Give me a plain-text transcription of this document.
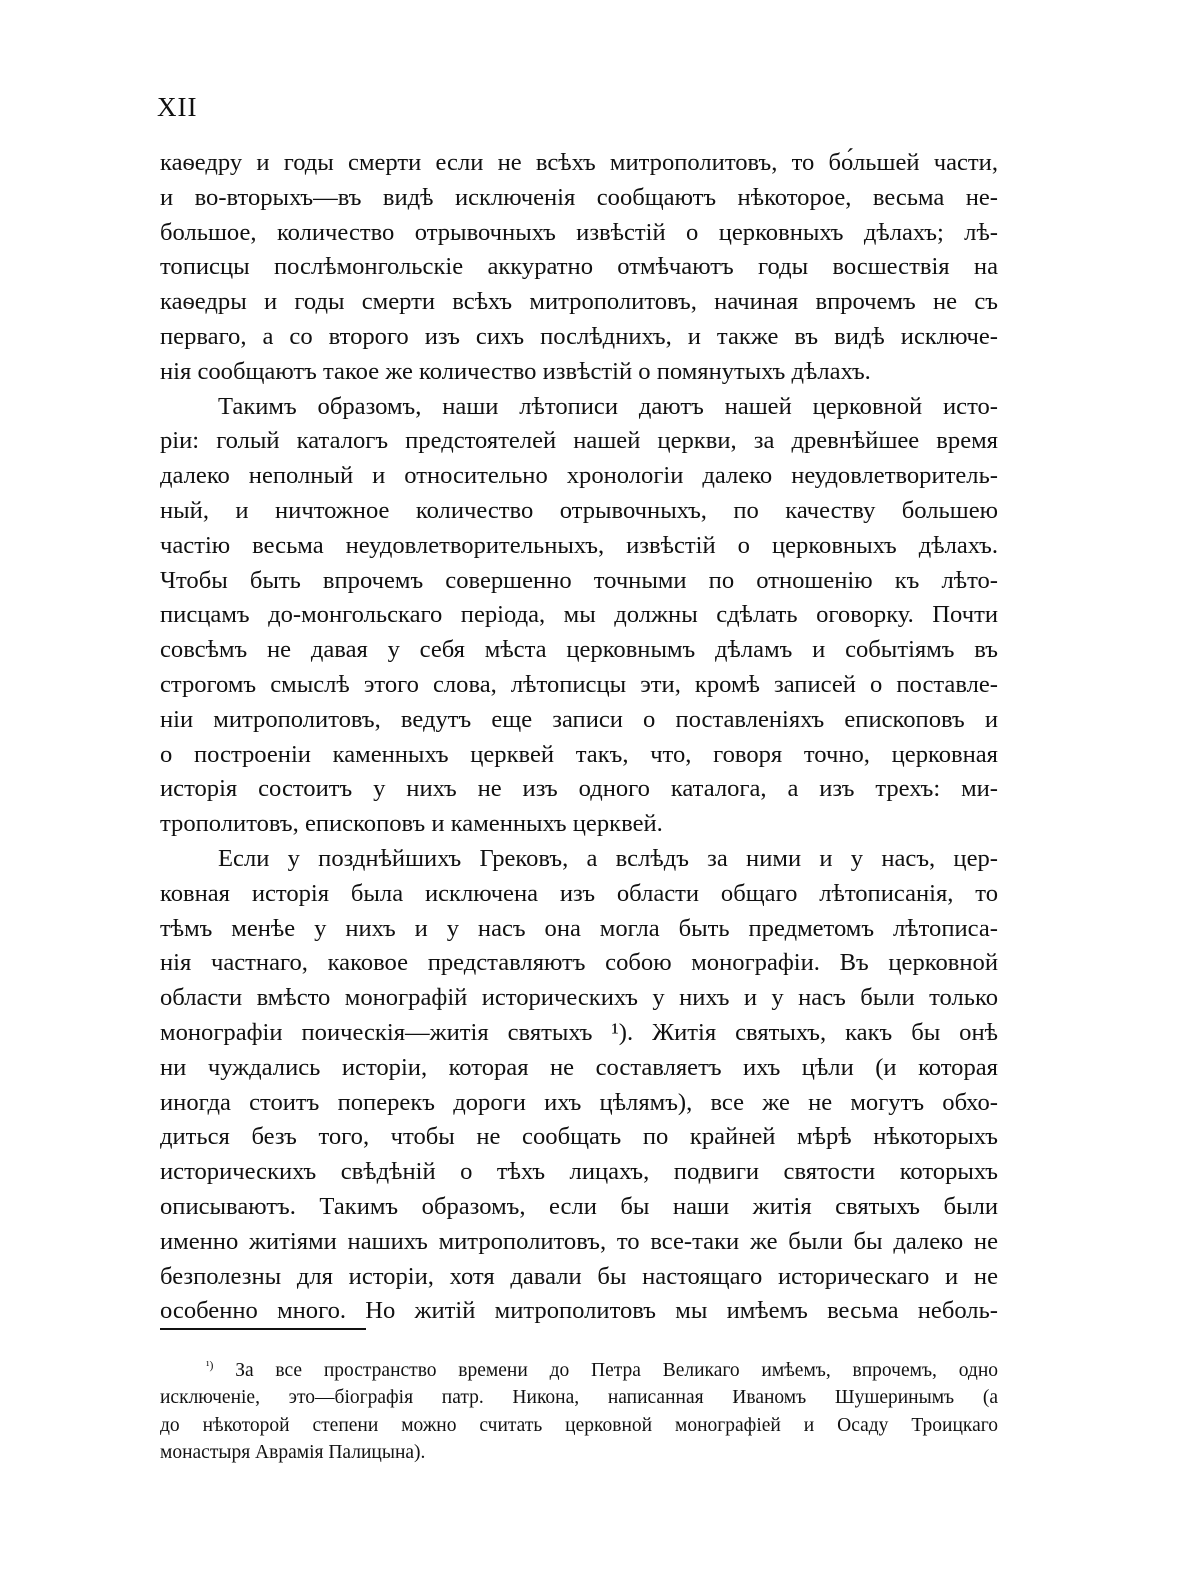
XII
каѳедру и годы смерти если не всѣхъ митрополитовъ, то бо́льшей части,
и во-вторыхъ—въ видѣ исключенія сообщаютъ нѣкоторое, весьма не-
большое, количество отрывочныхъ извѣстій о церковныхъ дѣлахъ; лѣ-
тописцы послѣмонгольскіе аккуратно отмѣчаютъ годы восшествія на
каѳедры и годы смерти всѣхъ митрополитовъ, начиная впрочемъ не съ
перваго, а со второго изъ сихъ послѣднихъ, и также въ видѣ исключе-
нія сообщаютъ такое же количество извѣстій о помянутыхъ дѣлахъ.
Такимъ образомъ, наши лѣтописи даютъ нашей церковной исто-
ріи: голый каталогъ предстоятелей нашей церкви, за древнѣйшее время
далеко неполный и относительно хронологіи далеко неудовлетворитель-
ный, и ничтожное количество отрывочныхъ, по качеству большею
частію весьма неудовлетворительныхъ, извѣстій о церковныхъ дѣлахъ.
Чтобы быть впрочемъ совершенно точными по отношенію къ лѣто-
писцамъ до-монгольскаго періода, мы должны сдѣлать оговорку. Почти
совсѣмъ не давая у себя мѣста церковнымъ дѣламъ и событіямъ въ
строгомъ смыслѣ этого слова, лѣтописцы эти, кромѣ записей о поставле-
ніи митрополитовъ, ведутъ еще записи о поставленіяхъ епископовъ и
о построеніи каменныхъ церквей такъ, что, говоря точно, церковная
исторія состоитъ у нихъ не изъ одного каталога, а изъ трехъ: ми-
трополитовъ, епископовъ и каменныхъ церквей.
Если у позднѣйшихъ Грековъ, а вслѣдъ за ними и у насъ, цер-
ковная исторія была исключена изъ области общаго лѣтописанія, то
тѣмъ менѣе у нихъ и у насъ она могла быть предметомъ лѣтописа-
нія частнаго, каковое представляютъ собою монографіи. Въ церковной
области вмѣсто монографій историческихъ у нихъ и у насъ были только
монографіи поическія—житія святыхъ ¹). Житія святыхъ, какъ бы онѣ
ни чуждались исторіи, которая не составляетъ ихъ цѣли (и которая
иногда стоитъ поперекъ дороги ихъ цѣлямъ), все же не могутъ обхо-
диться безъ того, чтобы не сообщать по крайней мѣрѣ нѣкоторыхъ
историческихъ свѣдѣній о тѣхъ лицахъ, подвиги святости которыхъ
описываютъ. Такимъ образомъ, если бы наши житія святыхъ были
именно житіями нашихъ митрополитовъ, то все-таки же были бы далеко не
безполезны для исторіи, хотя давали бы настоящаго историческаго и не
особенно много. Но житій митрополитовъ мы имѣемъ весьма неболь-
$^{^1)}$ За все пространство времени до Петра Великаго имѣемъ, впрочемъ, одно
исключеніе, это—біографія патр. Никона, написанная Иваномъ Шушеринымъ (а
до нѣкоторой степени можно считать церковной монографіей и Осаду Троицкаго
монастыря Аврамія Палицына).
